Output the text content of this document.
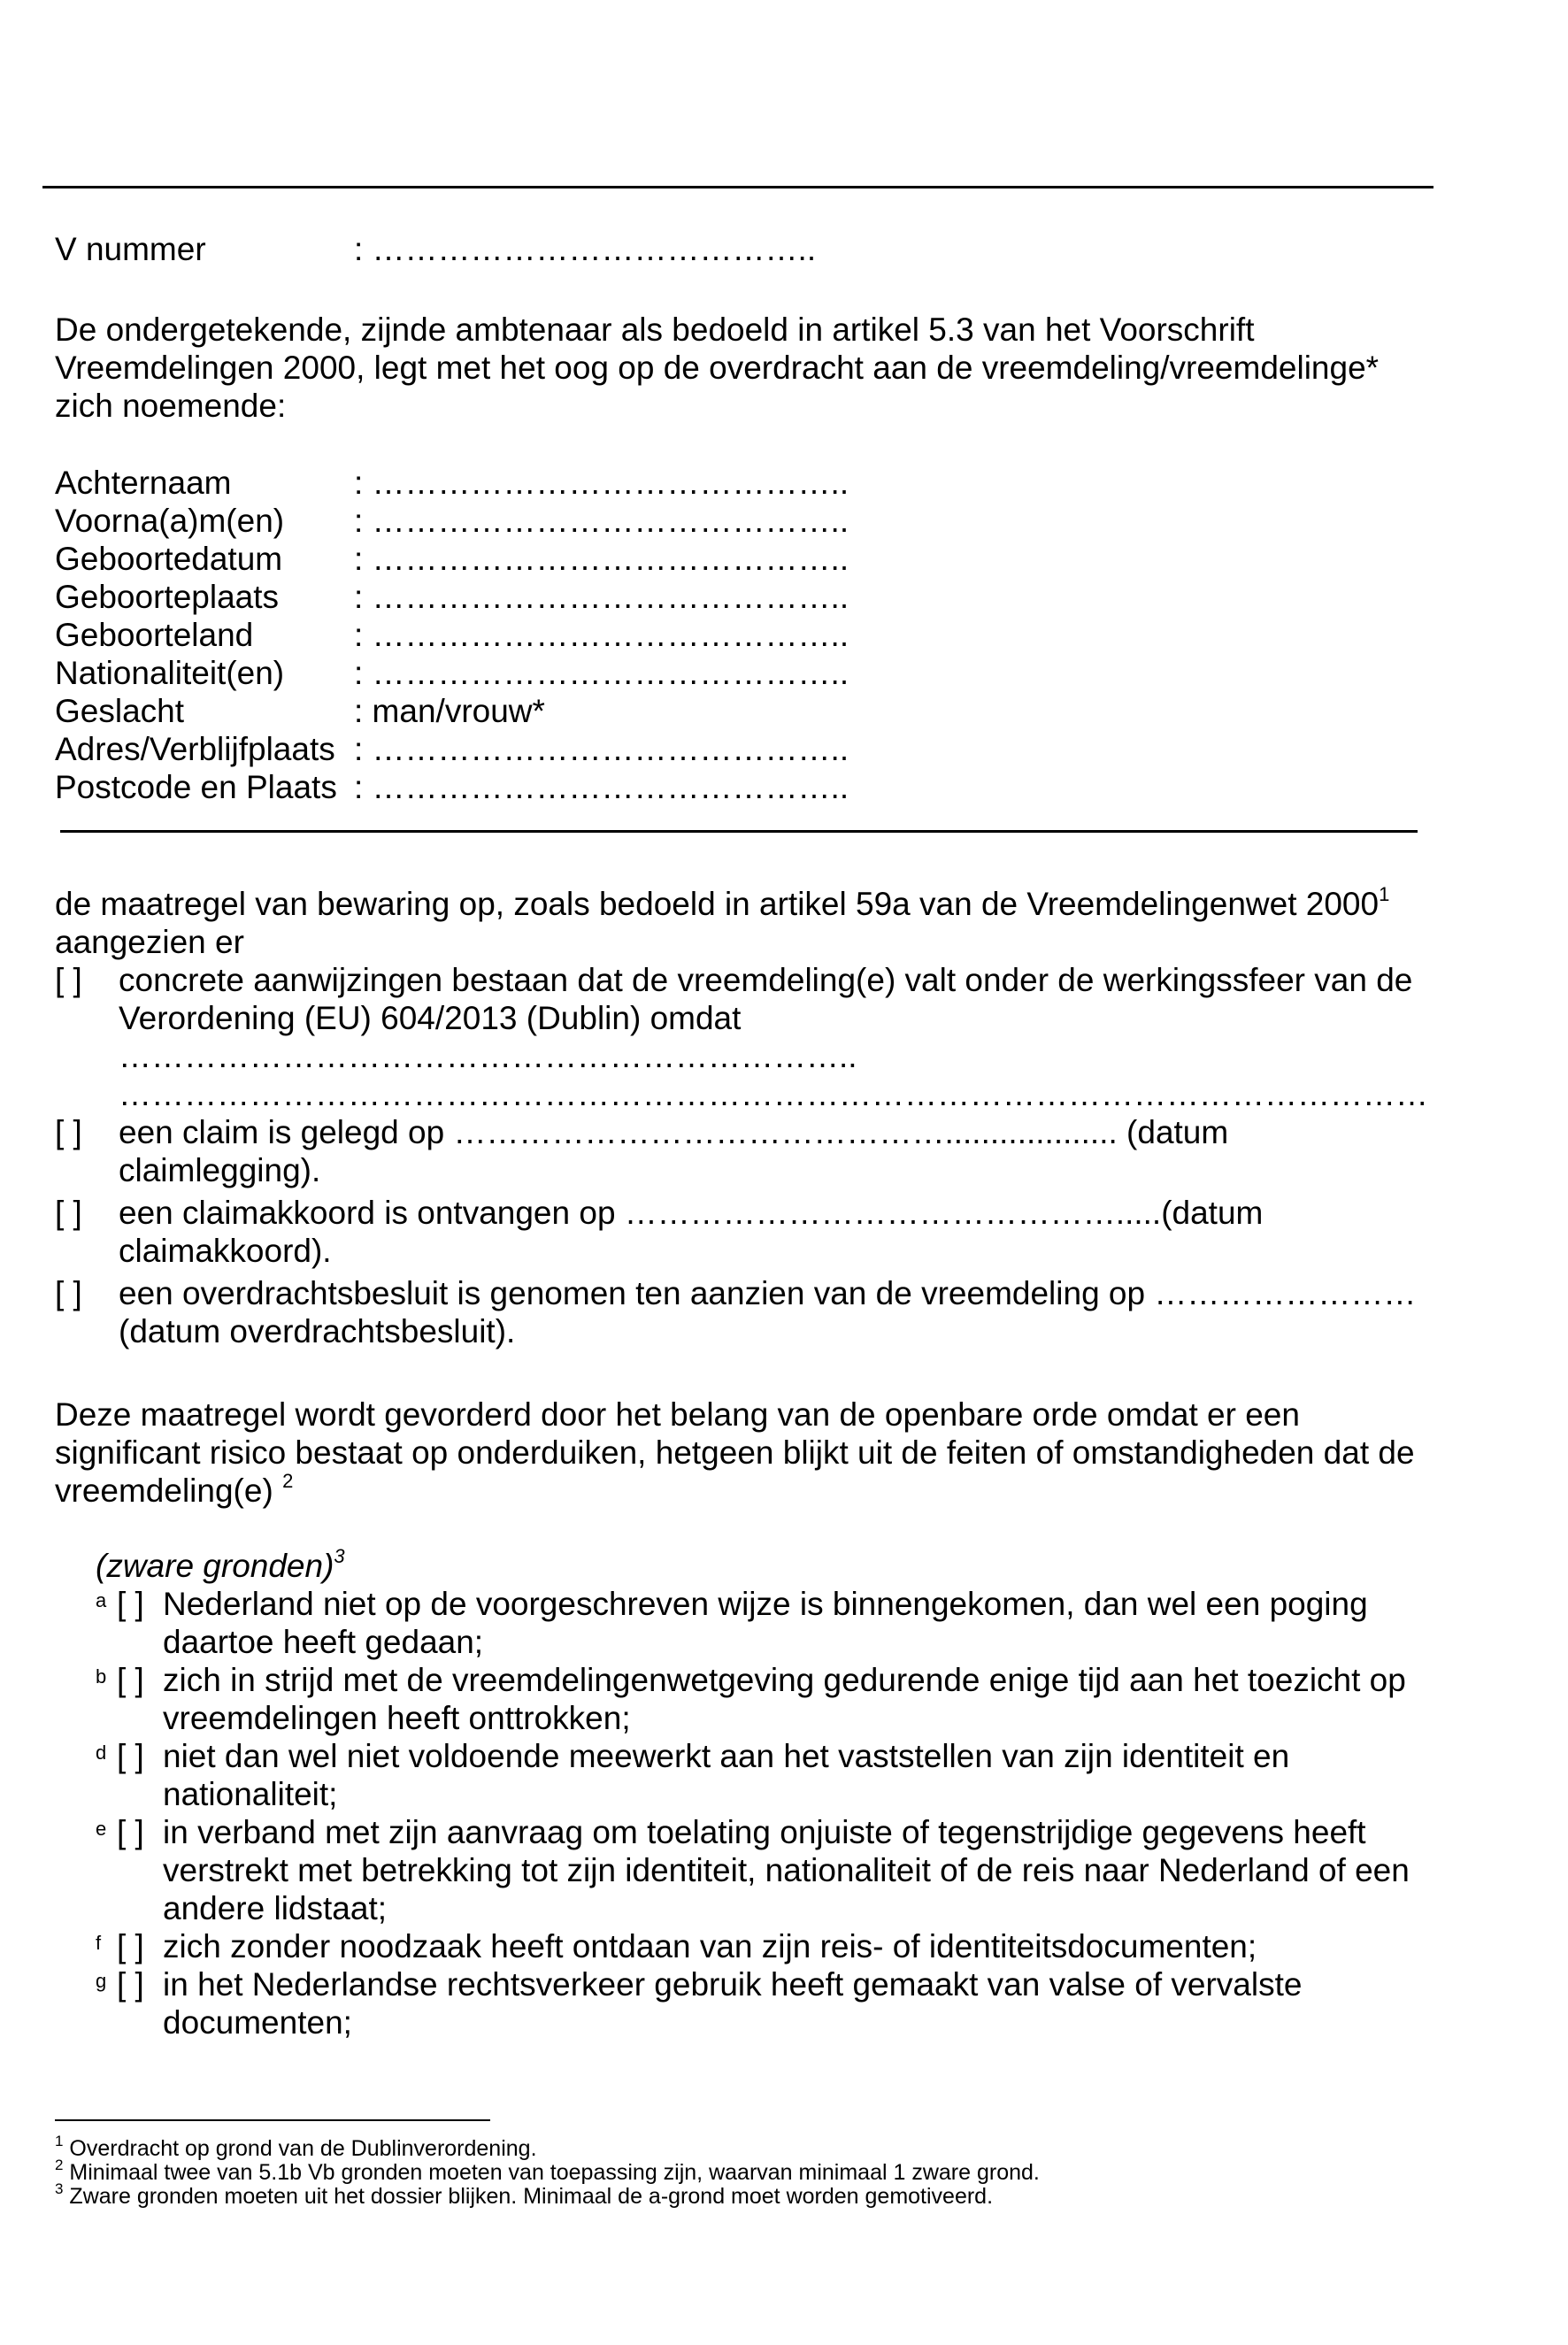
V nummer	: …………………………………..
De ondergetekende, zijnde ambtenaar als bedoeld in artikel 5.3 van het Voorschrift
Vreemdelingen 2000, legt met het oog op de overdracht aan de vreemdeling/vreemdelinge*
zich noemende:
Achternaam	: ……………………………………..
Voorna(a)m(en) : ……………………………………..
Geboortedatum : ……………………………………..
Geboorteplaats : ……………………………………..
Geboorteland	: ……………………………………..
Nationaliteit(en) : ……………………………………..
Geslacht	: man/vrouw*
Adres/Verblijfplaats : ……………………………………..
Postcode en Plaats : ……………………………………..
de maatregel van bewaring op, zoals bedoeld in artikel 59a van de Vreemdelingenwet 2000$^1$
aangezien er
[ ] concrete aanwijzingen bestaan dat de vreemdeling(e) valt onder de werkingssfeer van de
Verordening (EU) 604/2013 (Dublin) omdat
…………………………………………………………..
…………………………………………………………………………………………………………
[ ] een claim is gelegd op ………………………………………................... (datum
claimlegging).
[ ] een claimakkoord is ontvangen op ……………………………………….....(datum
claimakkoord).
[ ] een overdrachtsbesluit is genomen ten aanzien van de vreemdeling op ……………………
(datum overdrachtsbesluit).
Deze maatregel wordt gevorderd door het belang van de openbare orde omdat er een
significant risico bestaat op onderduiken, hetgeen blijkt uit de feiten of omstandigheden dat de
vreemdeling(e) $^2$
(zware gronden)$^3$
a [ ] Nederland niet op de voorgeschreven wijze is binnengekomen, dan wel een poging
daartoe heeft gedaan;
b [ ] zich in strijd met de vreemdelingenwetgeving gedurende enige tijd aan het toezicht op
vreemdelingen heeft onttrokken;
d [ ] niet dan wel niet voldoende meewerkt aan het vaststellen van zijn identiteit en
nationaliteit;
e [ ] in verband met zijn aanvraag om toelating onjuiste of tegenstrijdige gegevens heeft
verstrekt met betrekking tot zijn identiteit, nationaliteit of de reis naar Nederland of een
andere lidstaat;
f [ ] zich zonder noodzaak heeft ontdaan van zijn reis- of identiteitsdocumenten;
g [ ] in het Nederlandse rechtsverkeer gebruik heeft gemaakt van valse of vervalste
documenten;
$^1$ Overdracht op grond van de Dublinverordening.
$^2$ Minimaal twee van 5.1b Vb gronden moeten van toepassing zijn, waarvan minimaal 1 zware grond.
$^3$ Zware gronden moeten uit het dossier blijken. Minimaal de a-grond moet worden gemotiveerd.
